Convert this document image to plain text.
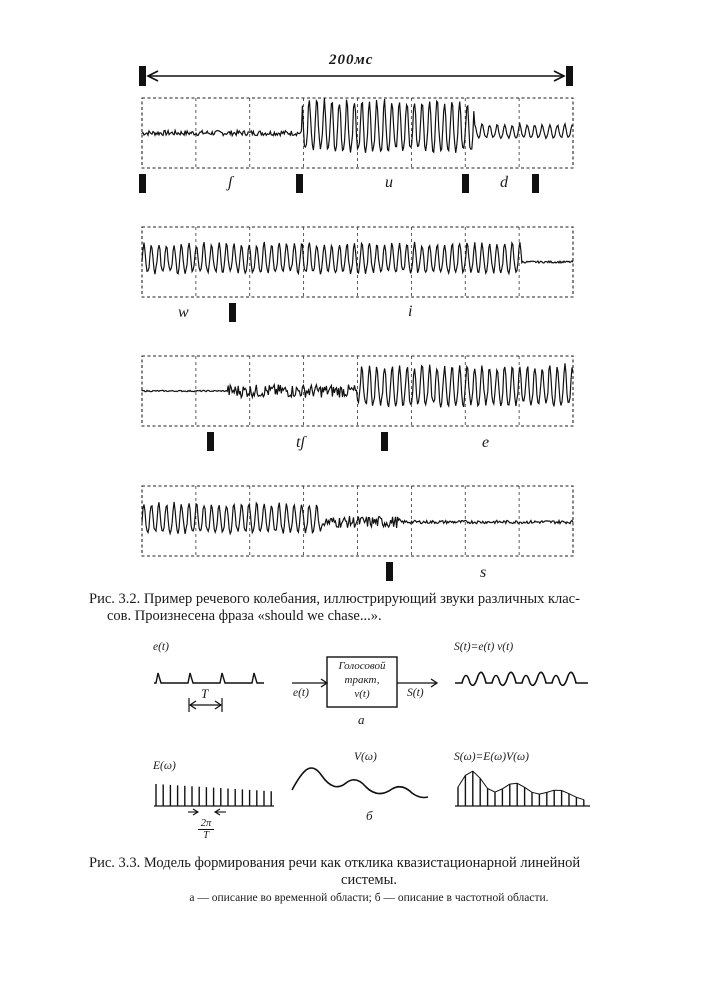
200мс
ʃ	u	d
w	i
tʃ	e
s
Рис. 3.2. Пример речевого колебания, иллюстрирующий звуки различных клас-
сов. Произнесена фраза «should we chase...».
e(t)
T
Голосовой
тракт,
v(t)
e(t)	S(t)
S(t)=e(t) v(t)
а
E(ω)
$\frac{2\pi}{T}$
V(ω)
б
S(ω)=E(ω)V(ω)
Рис. 3.3. Модель формирования речи как отклика квазистационарной линейной
системы.
а — описание во временной области; б — описание в частотной области.
